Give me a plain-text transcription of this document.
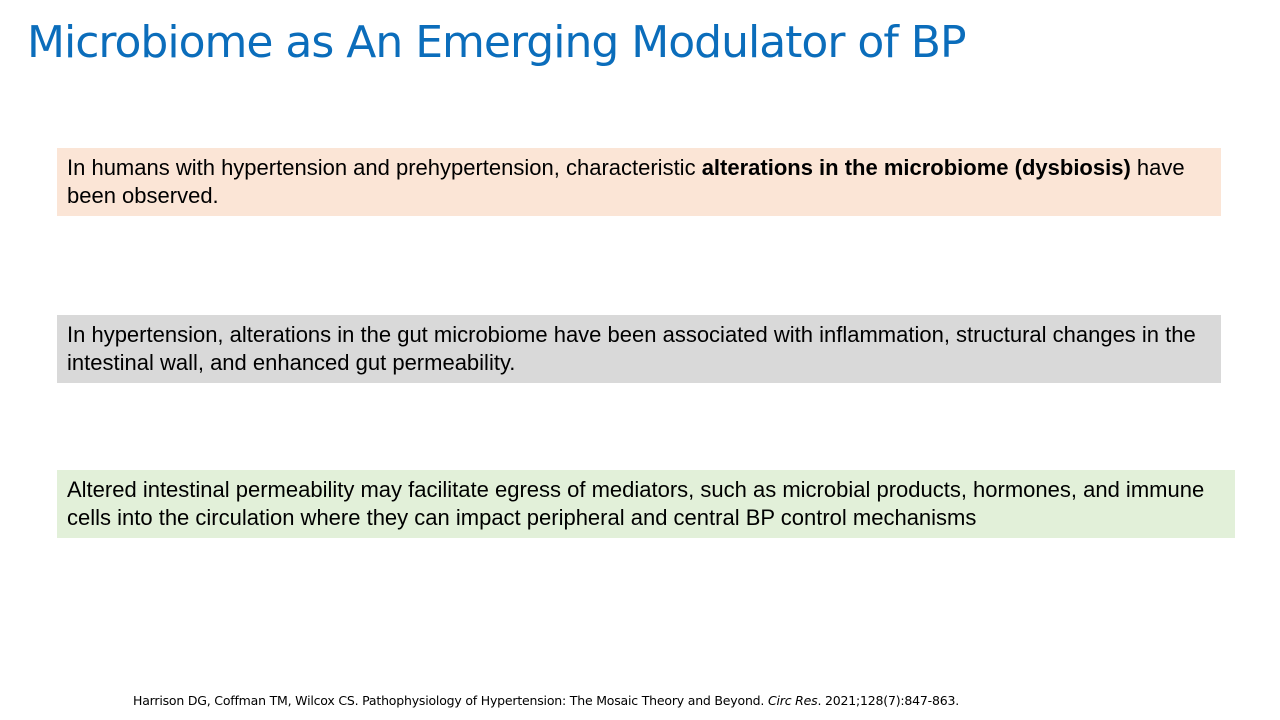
Microbiome as An Emerging Modulator of BP
In humans with hypertension and prehypertension, characteristic alterations in the microbiome (dysbiosis) have been observed.
In hypertension, alterations in the gut microbiome have been associated with inflammation, structural changes in the intestinal wall, and enhanced gut permeability.
Altered intestinal permeability may facilitate egress of mediators, such as microbial products, hormones, and immune cells into the circulation where they can impact peripheral and central BP control mechanisms
Harrison DG, Coffman TM, Wilcox CS. Pathophysiology of Hypertension: The Mosaic Theory and Beyond. Circ Res. 2021;128(7):847-863.
